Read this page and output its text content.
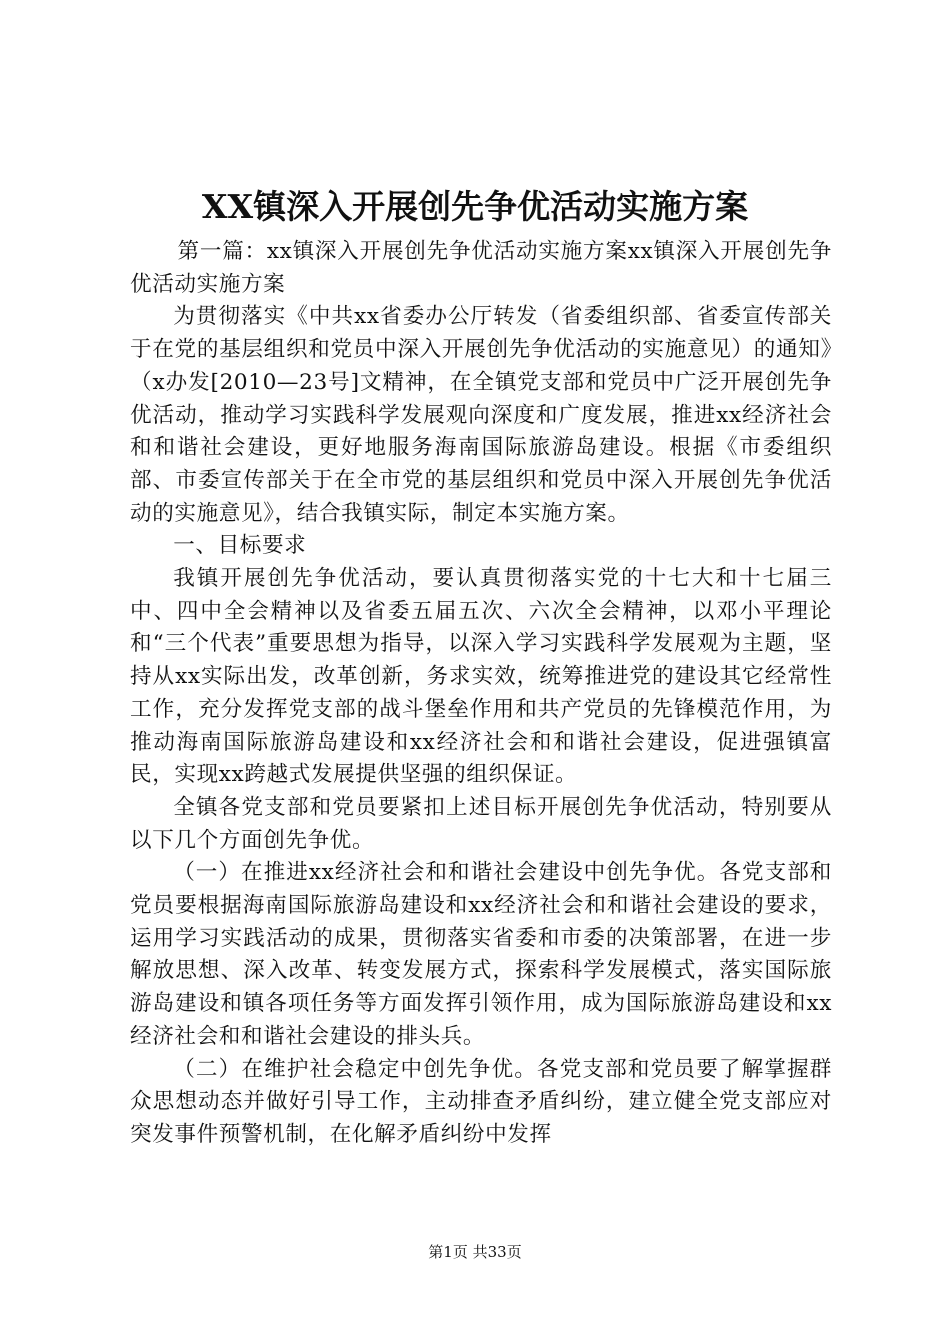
XX镇深入开展创先争优活动实施方案

第一篇：xx镇深入开展创先争优活动实施方案xx镇深入开展创先争优活动实施方案

为贯彻落实《中共xx省委办公厅转发（省委组织部、省委宣传部关于在党的基层组织和党员中深入开展创先争优活动的实施意见）的通知》（x办发[2010—23号]文精神，在全镇党支部和党员中广泛开展创先争优活动，推动学习实践科学发展观向深度和广度发展，推进xx经济社会和和谐社会建设，更好地服务海南国际旅游岛建设。根据《市委组织部、市委宣传部关于在全市党的基层组织和党员中深入开展创先争优活动的实施意见》，结合我镇实际，制定本实施方案。

一、目标要求

我镇开展创先争优活动，要认真贯彻落实党的十七大和十七届三中、四中全会精神以及省委五届五次、六次全会精神，以邓小平理论和“三个代表”重要思想为指导，以深入学习实践科学发展观为主题，坚持从xx实际出发，改革创新，务求实效，统筹推进党的建设其它经常性工作，充分发挥党支部的战斗堡垒作用和共产党员的先锋模范作用，为推动海南国际旅游岛建设和xx经济社会和和谐社会建设，促进强镇富民，实现xx跨越式发展提供坚强的组织保证。

全镇各党支部和党员要紧扣上述目标开展创先争优活动，特别要从以下几个方面创先争优。

（一）在推进xx经济社会和和谐社会建设中创先争优。各党支部和党员要根据海南国际旅游岛建设和xx经济社会和和谐社会建设的要求，运用学习实践活动的成果，贯彻落实省委和市委的决策部署，在进一步解放思想、深入改革、转变发展方式，探索科学发展模式，落实国际旅游岛建设和镇各项任务等方面发挥引领作用，成为国际旅游岛建设和xx经济社会和和谐社会建设的排头兵。

（二）在维护社会稳定中创先争优。各党支部和党员要了解掌握群众思想动态并做好引导工作，主动排查矛盾纠纷，建立健全党支部应对突发事件预警机制，在化解矛盾纠纷中发挥

第1页 共33页
